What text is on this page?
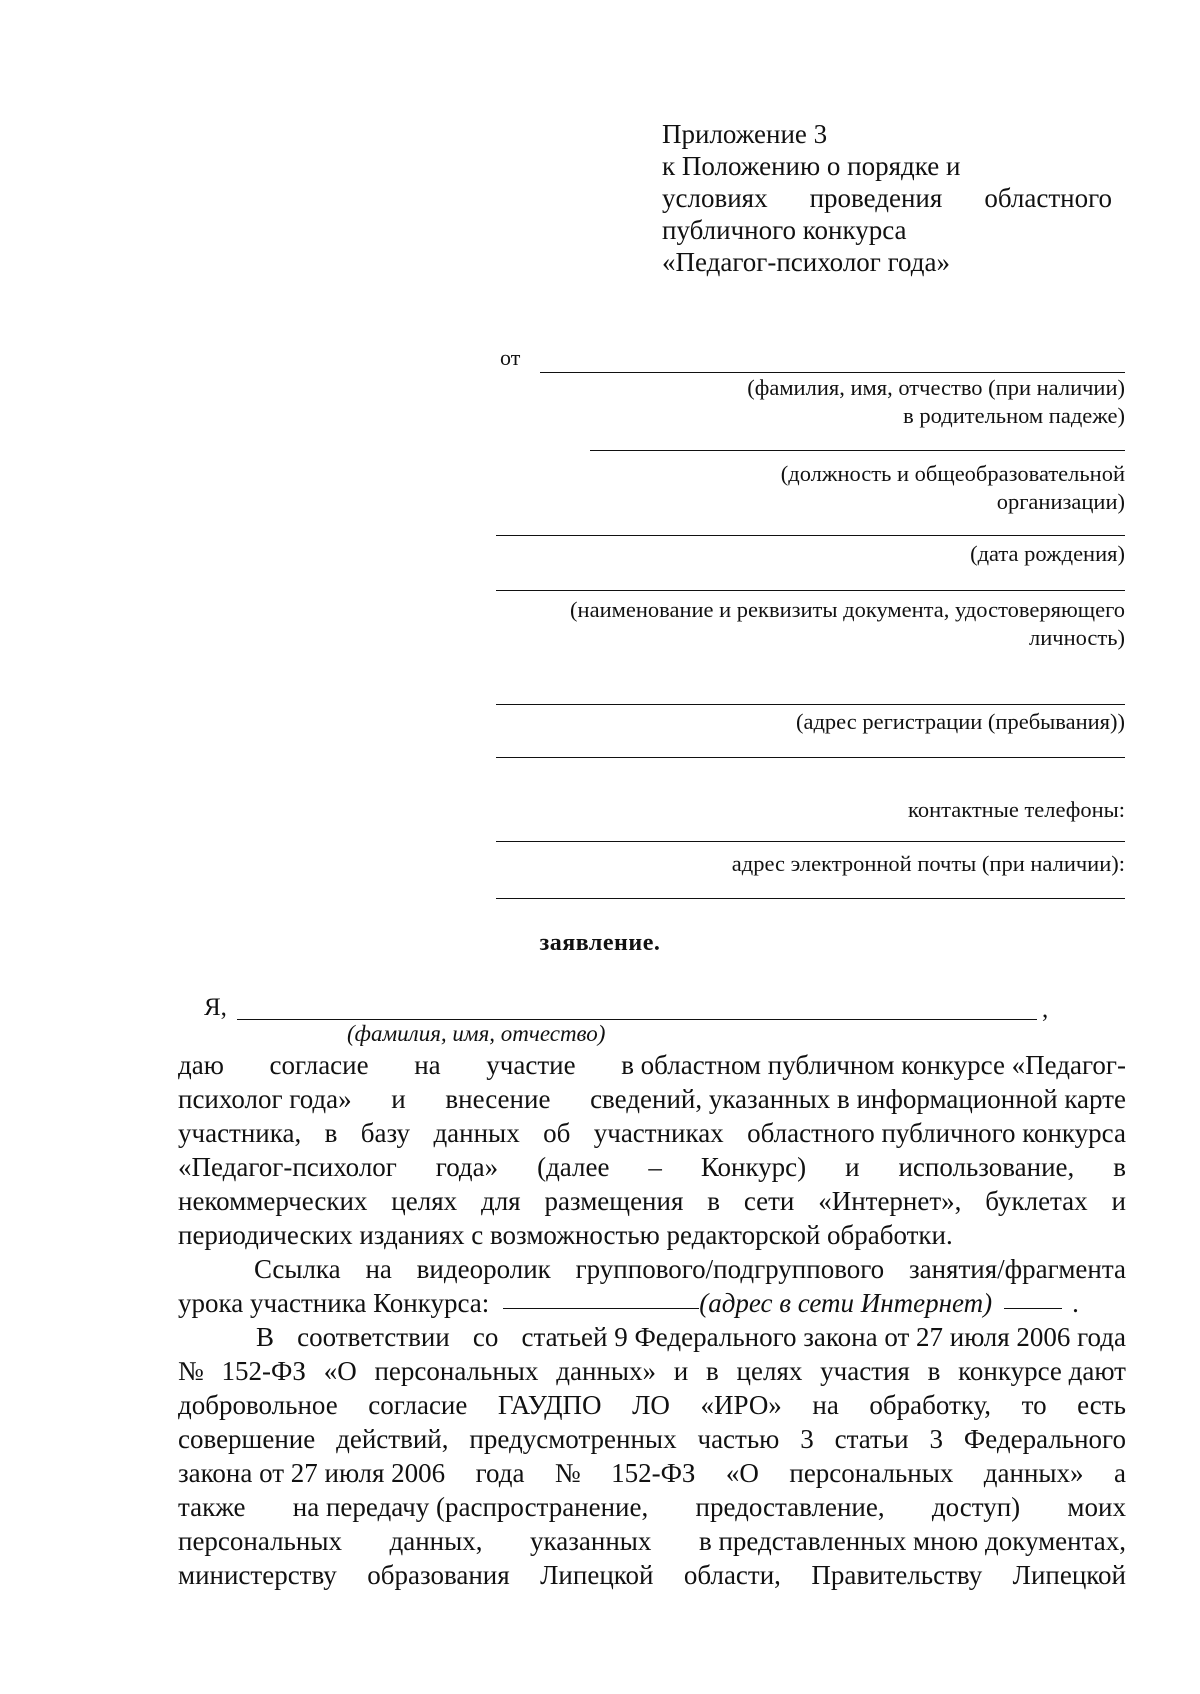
Приложение 3
к Положению о порядке и
условиях проведения областного
публичного конкурса
«Педагог-психолог года»
от
(фамилия, имя, отчество (при наличии)
в родительном падеже)
(должность и общеобразовательной
организации)
(дата рождения)
(наименование и реквизиты документа, удостоверяющего
личность)
(адрес регистрации (пребывания))
контактные телефоны:
адрес электронной почты (при наличии):
заявление.
Я,	,
(фамилия, имя, отчество)
даю согласие на участие в областном публичном конкурсе «Педагог-
психолог года» и внесение сведений, указанных в информационной карте
участника, в базу данных об участниках областного публичного конкурса
«Педагог-психолог года» (далее – Конкурс) и использование, в
некоммерческих целях для размещения в сети «Интернет», буклетах и
периодических изданиях с возможностью редакторской обработки.
Ссылка на видеоролик группового/подгруппового занятия/фрагмента
урока участника Конкурса:	(адрес в сети Интернет)	.
В соответствии со статьей 9 Федерального закона от 27 июля 2006 года
№ 152-ФЗ «О персональных данных» и в целях участия в конкурсе дают
добровольное согласие ГАУДПО ЛО «ИРО» на обработку, то есть
совершение действий, предусмотренных частью 3 статьи 3 Федерального
закона от 27 июля 2006 года № 152-ФЗ «О персональных данных» а
также на передачу (распространение, предоставление, доступ) моих
персональных данных, указанных в представленных мною документах,
министерству образования Липецкой области, Правительству Липецкой
